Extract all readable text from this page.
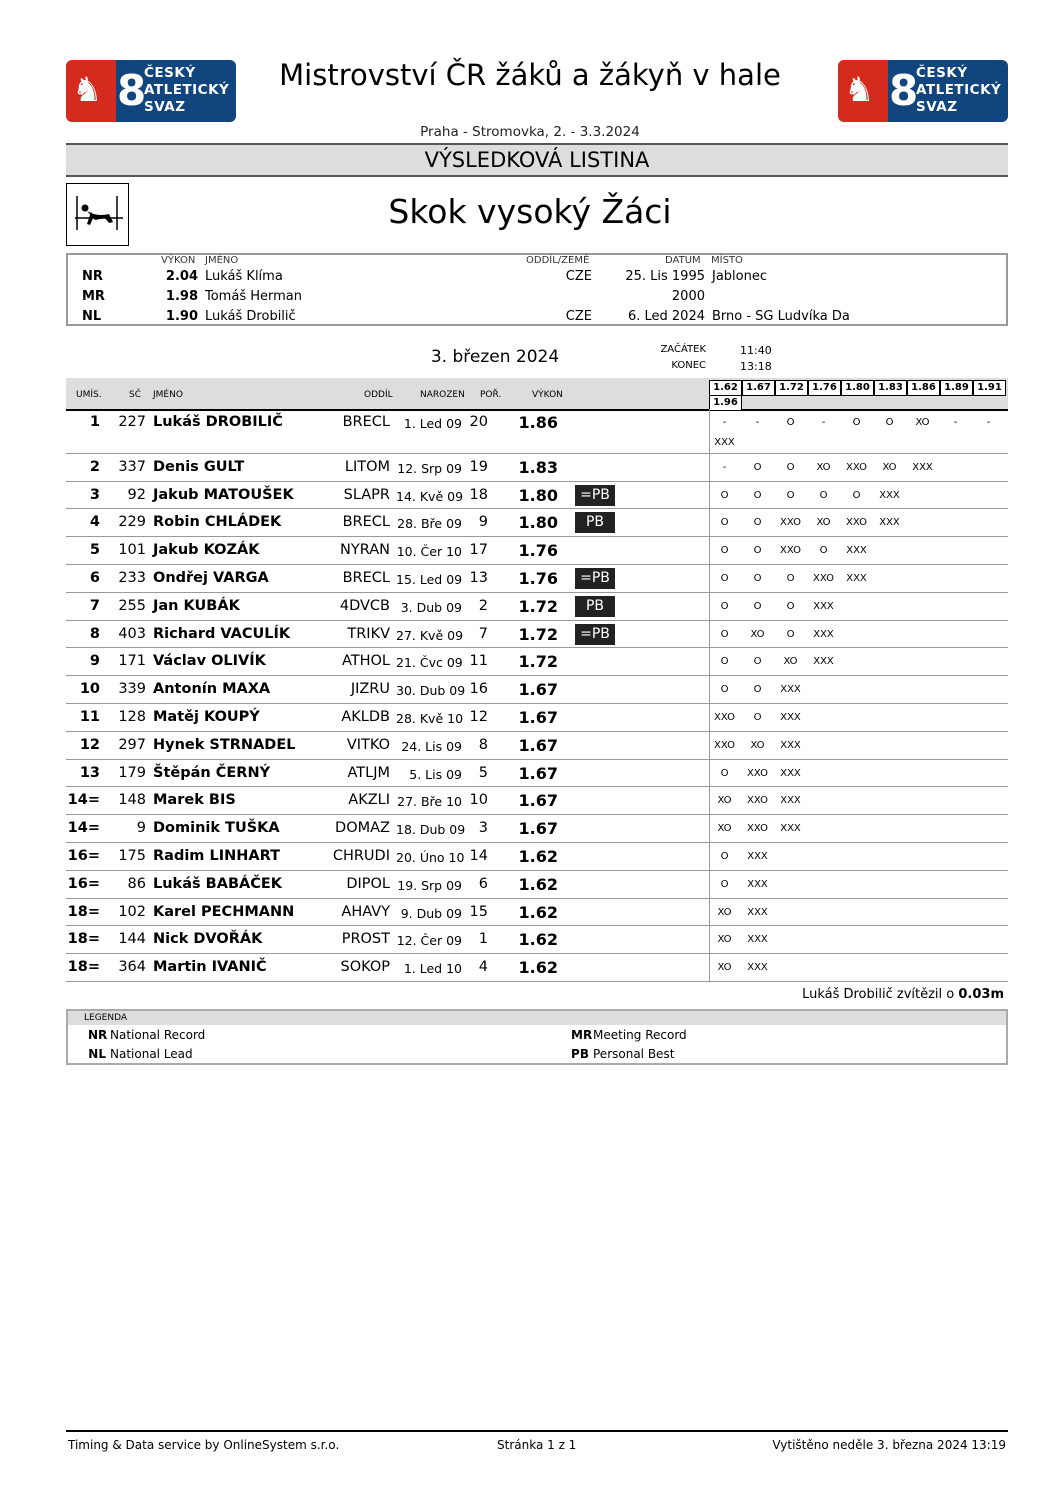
♞ 8
ČESKÝ
ATLETICKÝ
SVAZ	♞ 8
ČESKÝ
ATLETICKÝ
SVAZ
Mistrovství ČR žáků a žákyň v hale
Praha - Stromovka, 2. - 3.3.2024
VÝSLEDKOVÁ LISTINA
Skok vysoký Žáci
VÝKON JMÉNO	ODDÍL/ZEMĚ	DATUM MÍSTO
NR	2.04 Lukáš Klíma	CZE	25. Lis 1995 Jablonec
MR	1.98 Tomáš Herman	2000
NL	1.90 Lukáš Drobilič	CZE	6. Led 2024 Brno - SG Ludvíka Da
3. březen 2024	ZAČÁTEK	11:40
KONEC	13:18
UMÍS.	SČ JMÉNO	ODDÍL	NAROZEN POŘ.	VÝKON
1.62 1.67 1.72 1.76 1.80 1.83 1.86 1.89 1.91
1.96
1	227 Lukáš DROBILIČ	BRECL	1. Led 09 20 1.86	-	-	O	-	O	O	XO	-	-
XXX
2	337 Denis GULT	LITOM 12. Srp 09 19 1.83	-	O	O	XO	XXO	XO	XXX
3	92 Jakub MATOUŠEK	SLAPR 14. Kvě 09 18 1.80	=PB	O	O	O	O	O	XXX
4	229 Robin CHLÁDEK	BRECL 28. Bře 09	9 1.80	PB	O	O	XXO	XO	XXO	XXX
5	101 Jakub KOZÁK	NYRAN 10. Čer 10 17 1.76	O	O	XXO	O	XXX
6	233 Ondřej VARGA	BRECL 15. Led 09 13 1.76	=PB	O	O	O	XXO	XXX
7	255 Jan KUBÁK	4DVCB 3. Dub 09	2 1.72	PB	O	O	O	XXX
8	403 Richard VACULÍK	TRIKV 27. Kvě 09	7 1.72	=PB	O	XO	O	XXX
9	171 Václav OLIVÍK	ATHOL 21. Čvc 09 11 1.72	O	O	XO	XXX
10	339 Antonín MAXA	JIZRU 30. Dub 09 16 1.67	O	O	XXX
11	128 Matěj KOUPÝ	AKLDB 28. Kvě 10 12 1.67	XXO	O	XXX
12	297 Hynek STRNADEL	VITKO 24. Lis 09	8 1.67	XXO	XO	XXX
13	179 Štěpán ČERNÝ	ATLJM	5. Lis 09	5 1.67	O	XXO	XXX
14=	148 Marek BIS	AKZLI 27. Bře 10 10 1.67	XO	XXO	XXX
14=	9 Dominik TUŠKA	DOMAZ 18. Dub 09 3 1.67	XO	XXO	XXX
16=	175 Radim LINHART	CHRUDI 20. Úno 10 14 1.62	O	XXX
16=	86 Lukáš BABÁČEK	DIPOL 19. Srp 09	6 1.62	O	XXX
18=	102 Karel PECHMANN	AHAVY 9. Dub 09 15 1.62	XO	XXX
18=	144 Nick DVOŘÁK	PROST 12. Čer 09	1 1.62	XO	XXX
18=	364 Martin IVANIČ	SOKOP	1. Led 10	4 1.62	XO	XXX
Lukáš Drobilič zvítězil o 0.03m
LEGENDA
NR National Record	MRMeeting Record
NL National Lead	PB Personal Best
Timing & Data service by OnlineSystem s.r.o.	Stránka 1 z 1	Vytištěno neděle 3. března 2024 13:19
